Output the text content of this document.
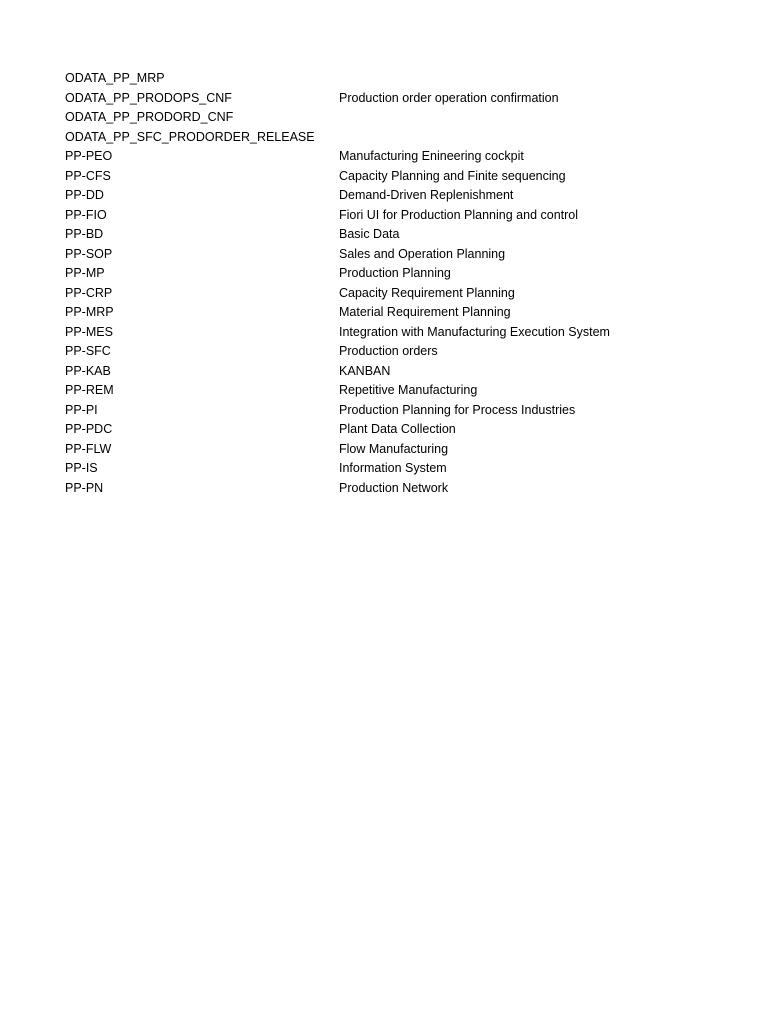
ODATA_PP_MRP
ODATA_PP_PRODOPS_CNF	Production order operation confirmation
ODATA_PP_PRODORD_CNF
ODATA_PP_SFC_PRODORDER_RELEASE
PP-PEO	Manufacturing Enineering cockpit
PP-CFS	Capacity Planning and Finite sequencing
PP-DD	Demand-Driven Replenishment
PP-FIO	Fiori UI for Production Planning and control
PP-BD	Basic Data
PP-SOP	Sales and Operation Planning
PP-MP	Production Planning
PP-CRP	Capacity Requirement Planning
PP-MRP	Material Requirement Planning
PP-MES	Integration with Manufacturing Execution System
PP-SFC	Production orders
PP-KAB	KANBAN
PP-REM	Repetitive Manufacturing
PP-PI	Production Planning for Process Industries
PP-PDC	Plant Data Collection
PP-FLW	Flow Manufacturing
PP-IS	Information System
PP-PN	Production Network
